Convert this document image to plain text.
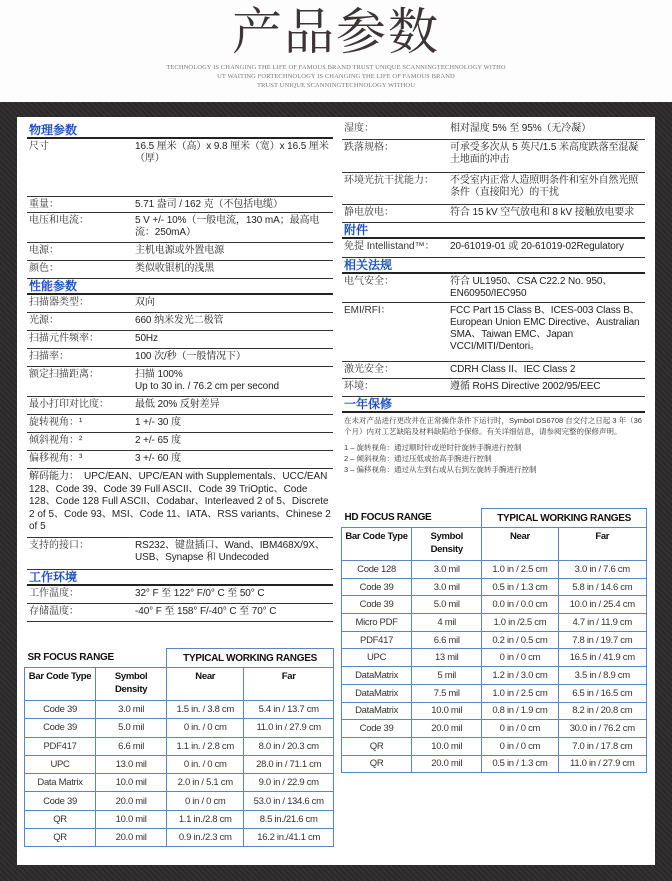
产品参数
TECHNOLOGY IS CHANGING THE LIFE OF FAMOUS BRAND TRUST UNIQUE SCANNINGTECHNOLOGY WITHO
UT WAITING FORTECHNOLOGY IS CHANGING THE LIFE OF FAMOUS BRAND
TRUST UNIQUE SCANNINGTECHNOLOGY WITHOU
物理参数
尺寸	16.5 厘米（高）x 9.8 厘米（宽）x 16.5 厘米（厚）
重量：	5.71 盎司 / 162 克（不包括电缆）
电压和电流：	5 V +/- 10%（一般电流，130 mA；最高电流：250mA）
电源：	主机电源或外置电源
颜色：	类似收银机的浅黑
性能参数
扫描器类型：	双向
光源：	660 纳米发光二极管
扫描元件频率：	50Hz
扫描率：	100 次/秒（一般情况下）
额定扫描距离：	扫描 100%
Up to 30 in. / 76.2 cm per second
最小打印对比度：	最低 20% 反射差异
旋转视角：¹	1 +/- 30 度
倾斜视角：²	2 +/- 65 度
偏移视角：³	3 +/- 60 度
解码能力：　UPC/EAN、UPC/EAN with Supplementals、UCC/EAN 128、Code 39、Code 39 Full ASCII、Code 39 TriOptic、Code 128、Code 128 Full ASCII、Codabar、Interleaved 2 of 5、Discrete 2 of 5、Code 93、MSI、Code 11、IATA、RSS variants、Chinese 2 of 5
支持的接口：	RS232、键盘插口、Wand、IBM468X/9X、USB、Synapse 和 Undecoded
工作环境
工作温度：	32° F 至 122° F/0° C 至 50° C
存储温度：	-40° F 至 158° F/-40° C 至 70° C
湿度：	相对湿度 5% 至 95%（无冷凝）
跌落规格：	可承受多次从 5 英尺/1.5 米高度跌落至混凝土地面的冲击
环境光抗干扰能力：	不受室内正常人造照明条件和室外自然光照条件（直接阳光）的干扰
静电放电：	符合 15 kV 空气放电和 8 kV 接触放电要求
附件
免提 Intellistand™：	20-61019-01 或 20-61019-02Regulatory
相关法规
电气安全：	符合 UL1950、CSA C22.2 No. 950、EN60950/IEC950
EMI/RFI：	FCC Part 15 Class B、ICES-003 Class B、European Union EMC Directive、Australian SMA、Taiwan EMC、Japan VCCI/MITI/Dentori。
激光安全：	CDRH Class II、IEC Class 2
环境：	遵循 RoHS Directive 2002/95/EEC
一年保修
在未对产品进行更改并在正常操作条件下运行时，Symbol DS6708 自交付之日起 3 年（36 个月）内对工艺缺陷及材料缺陷给予保修。有关详细信息，请参阅完整的保修声明。
1 – 旋转视角：通过顺时针或逆时针旋转手腕进行控制
2 – 倾斜视角：通过压低或抬高手腕进行控制
3 – 偏移视角：通过从左到右或从右到左旋转手腕进行控制
SR FOCUS RANGE		TYPICAL WORKING RANGES	
Bar Code Type	Symbol Density	Near	Far
Code 39	3.0 mil	1.5 in. / 3.8 cm	5.4 in / 13.7 cm
Code 39	5.0 mil	0 in. / 0 cm	11.0 in / 27.9 cm
PDF417	6.6 mil	1.1 in. / 2.8 cm	8.0 in / 20.3 cm
UPC	13.0 mil	0 in. / 0 cm	28.0 in / 71.1 cm
Data Matrix	10.0 mil	2.0 in / 5.1 cm	9.0 in / 22.9 cm
Code 39	20.0 mil	0 in / 0 cm	53.0 in / 134.6 cm
QR	10.0 mil	1.1 in./2.8 cm	8.5 in./21.6 cm
QR	20.0 mil	0.9 in./2.3 cm	16.2 in./41.1 cm
HD FOCUS RANGE		TYPICAL WORKING RANGES	
Bar Code Type	Symbol Density	Near	Far
Code 128	3.0 mil	1.0 in / 2.5 cm	3.0 in / 7.6 cm
Code 39	3.0 mil	0.5 in / 1.3 cm	5.8 in / 14.6 cm
Code 39	5.0 mil	0.0 in / 0.0 cm	10.0 in / 25.4 cm
Micro PDF	4 mil	1.0 in /2.5 cm	4.7 in / 11.9 cm
PDF417	6.6 mil	0.2 in / 0.5 cm	7.8 in / 19.7 cm
UPC	13 mil	0 in / 0 cm	16.5 in / 41.9 cm
DataMatrix	5 mil	1.2 in / 3.0 cm	3.5 in / 8.9 cm
DataMatrix	7.5 mil	1.0 in / 2.5 cm	6.5 in / 16.5 cm
DataMatrix	10.0 mil	0.8 in / 1.9 cm	8.2 in / 20.8 cm
Code 39	20.0 mil	0 in / 0 cm	30.0 in / 76.2 cm
QR	10.0 mil	0 in / 0 cm	7.0 in / 17.8 cm
QR	20.0 mil	0.5 in / 1.3 cm	11.0 in / 27.9 cm
